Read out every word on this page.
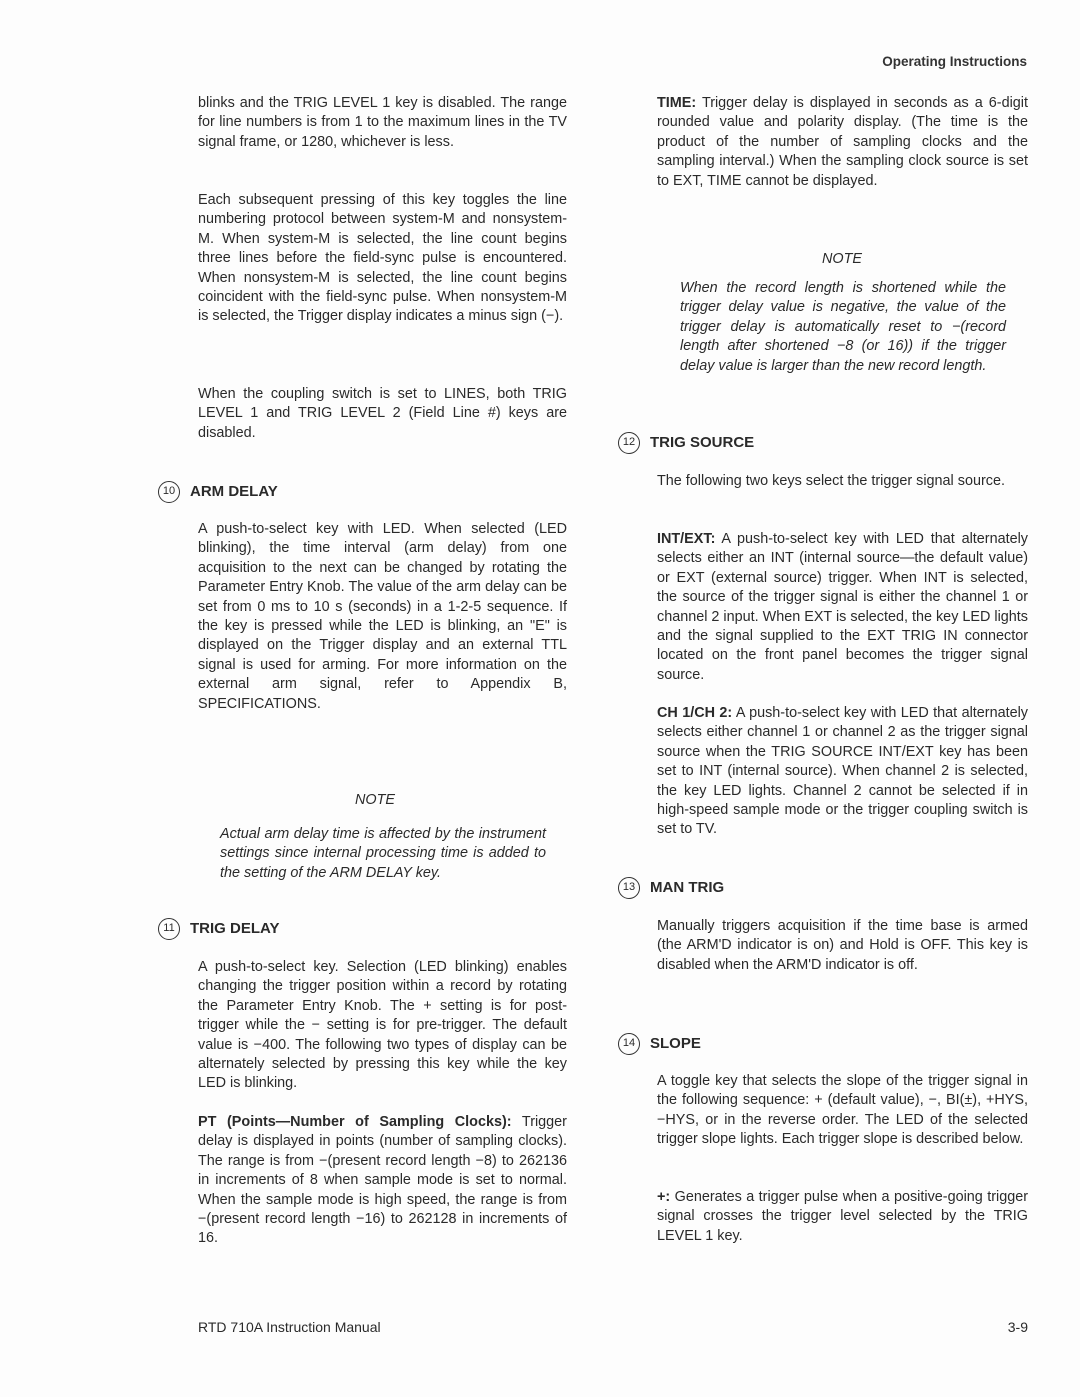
Operating Instructions

blinks and the TRIG LEVEL 1 key is disabled. The range for line numbers is from 1 to the maximum lines in the TV signal frame, or 1280, whichever is less.

Each subsequent pressing of this key toggles the line numbering protocol between system-M and nonsystem-M. When system-M is selected, the line count begins three lines before the field-sync pulse is encountered. When nonsystem-M is selected, the line count begins coincident with the field-sync pulse. When nonsystem-M is selected, the Trigger display indicates a minus sign (−).

When the coupling switch is set to LINES, both TRIG LEVEL 1 and TRIG LEVEL 2 (Field Line #) keys are disabled.

10 ARM DELAY

A push-to-select key with LED. When selected (LED blinking), the time interval (arm delay) from one acquisition to the next can be changed by rotating the Parameter Entry Knob. The value of the arm delay can be set from 0 ms to 10 s (seconds) in a 1-2-5 sequence. If the key is pressed while the LED is blinking, an "E" is displayed on the Trigger display and an external TTL signal is used for arming. For more information on the external arm signal, refer to Appendix B, SPECIFICATIONS.

NOTE

Actual arm delay time is affected by the instrument settings since internal processing time is added to the setting of the ARM DELAY key.

11	TRIG DELAY

A push-to-select key. Selection (LED blinking) enables changing the trigger position within a record by rotating the Parameter Entry Knob. The + setting is for post-trigger while the − setting is for pre-trigger. The default value is −400. The following two types of display can be alternately selected by pressing this key while the key LED is blinking.

PT (Points—Number of Sampling Clocks): Trigger delay is displayed in points (number of sampling clocks). The range is from −(present record length −8) to 262136 in increments of 8 when sample mode is set to normal. When the sample mode is high speed, the range is from −(present record length −16) to 262128 in increments of 16.

TIME: Trigger delay is displayed in seconds as a 6-digit rounded value and polarity display. (The time is the product of the number of sampling clocks and the sampling interval.) When the sampling clock source is set to EXT, TIME cannot be displayed.

NOTE

When the record length is shortened while the trigger delay value is negative, the value of the trigger delay is automatically reset to −(record length after shortened −8 (or 16)) if the trigger delay value is larger than the new record length.

12 TRIG SOURCE

The following two keys select the trigger signal source.

INT/EXT: A push-to-select key with LED that alternately selects either an INT (internal source—the default value) or EXT (external source) trigger. When INT is selected, the source of the trigger signal is either the channel 1 or channel 2 input. When EXT is selected, the key LED lights and the signal supplied to the EXT TRIG IN connector located on the front panel becomes the trigger signal source.

CH 1/CH 2: A push-to-select key with LED that alternately selects either channel 1 or channel 2 as the trigger signal source when the TRIG SOURCE INT/EXT key has been set to INT (internal source). When channel 2 is selected, the key LED lights. Channel 2 cannot be selected if in high-speed sample mode or the trigger coupling switch is set to TV.

13 MAN TRIG

Manually triggers acquisition if the time base is armed (the ARM'D indicator is on) and Hold is OFF. This key is disabled when the ARM'D indicator is off.

14 SLOPE

A toggle key that selects the slope of the trigger signal in the following sequence: + (default value), −, BI(±), +HYS, −HYS, or in the reverse order. The LED of the selected trigger slope lights. Each trigger slope is described below.

+: Generates a trigger pulse when a positive-going trigger signal crosses the trigger level selected by the TRIG LEVEL 1 key.

RTD 710A Instruction Manual	3-9
